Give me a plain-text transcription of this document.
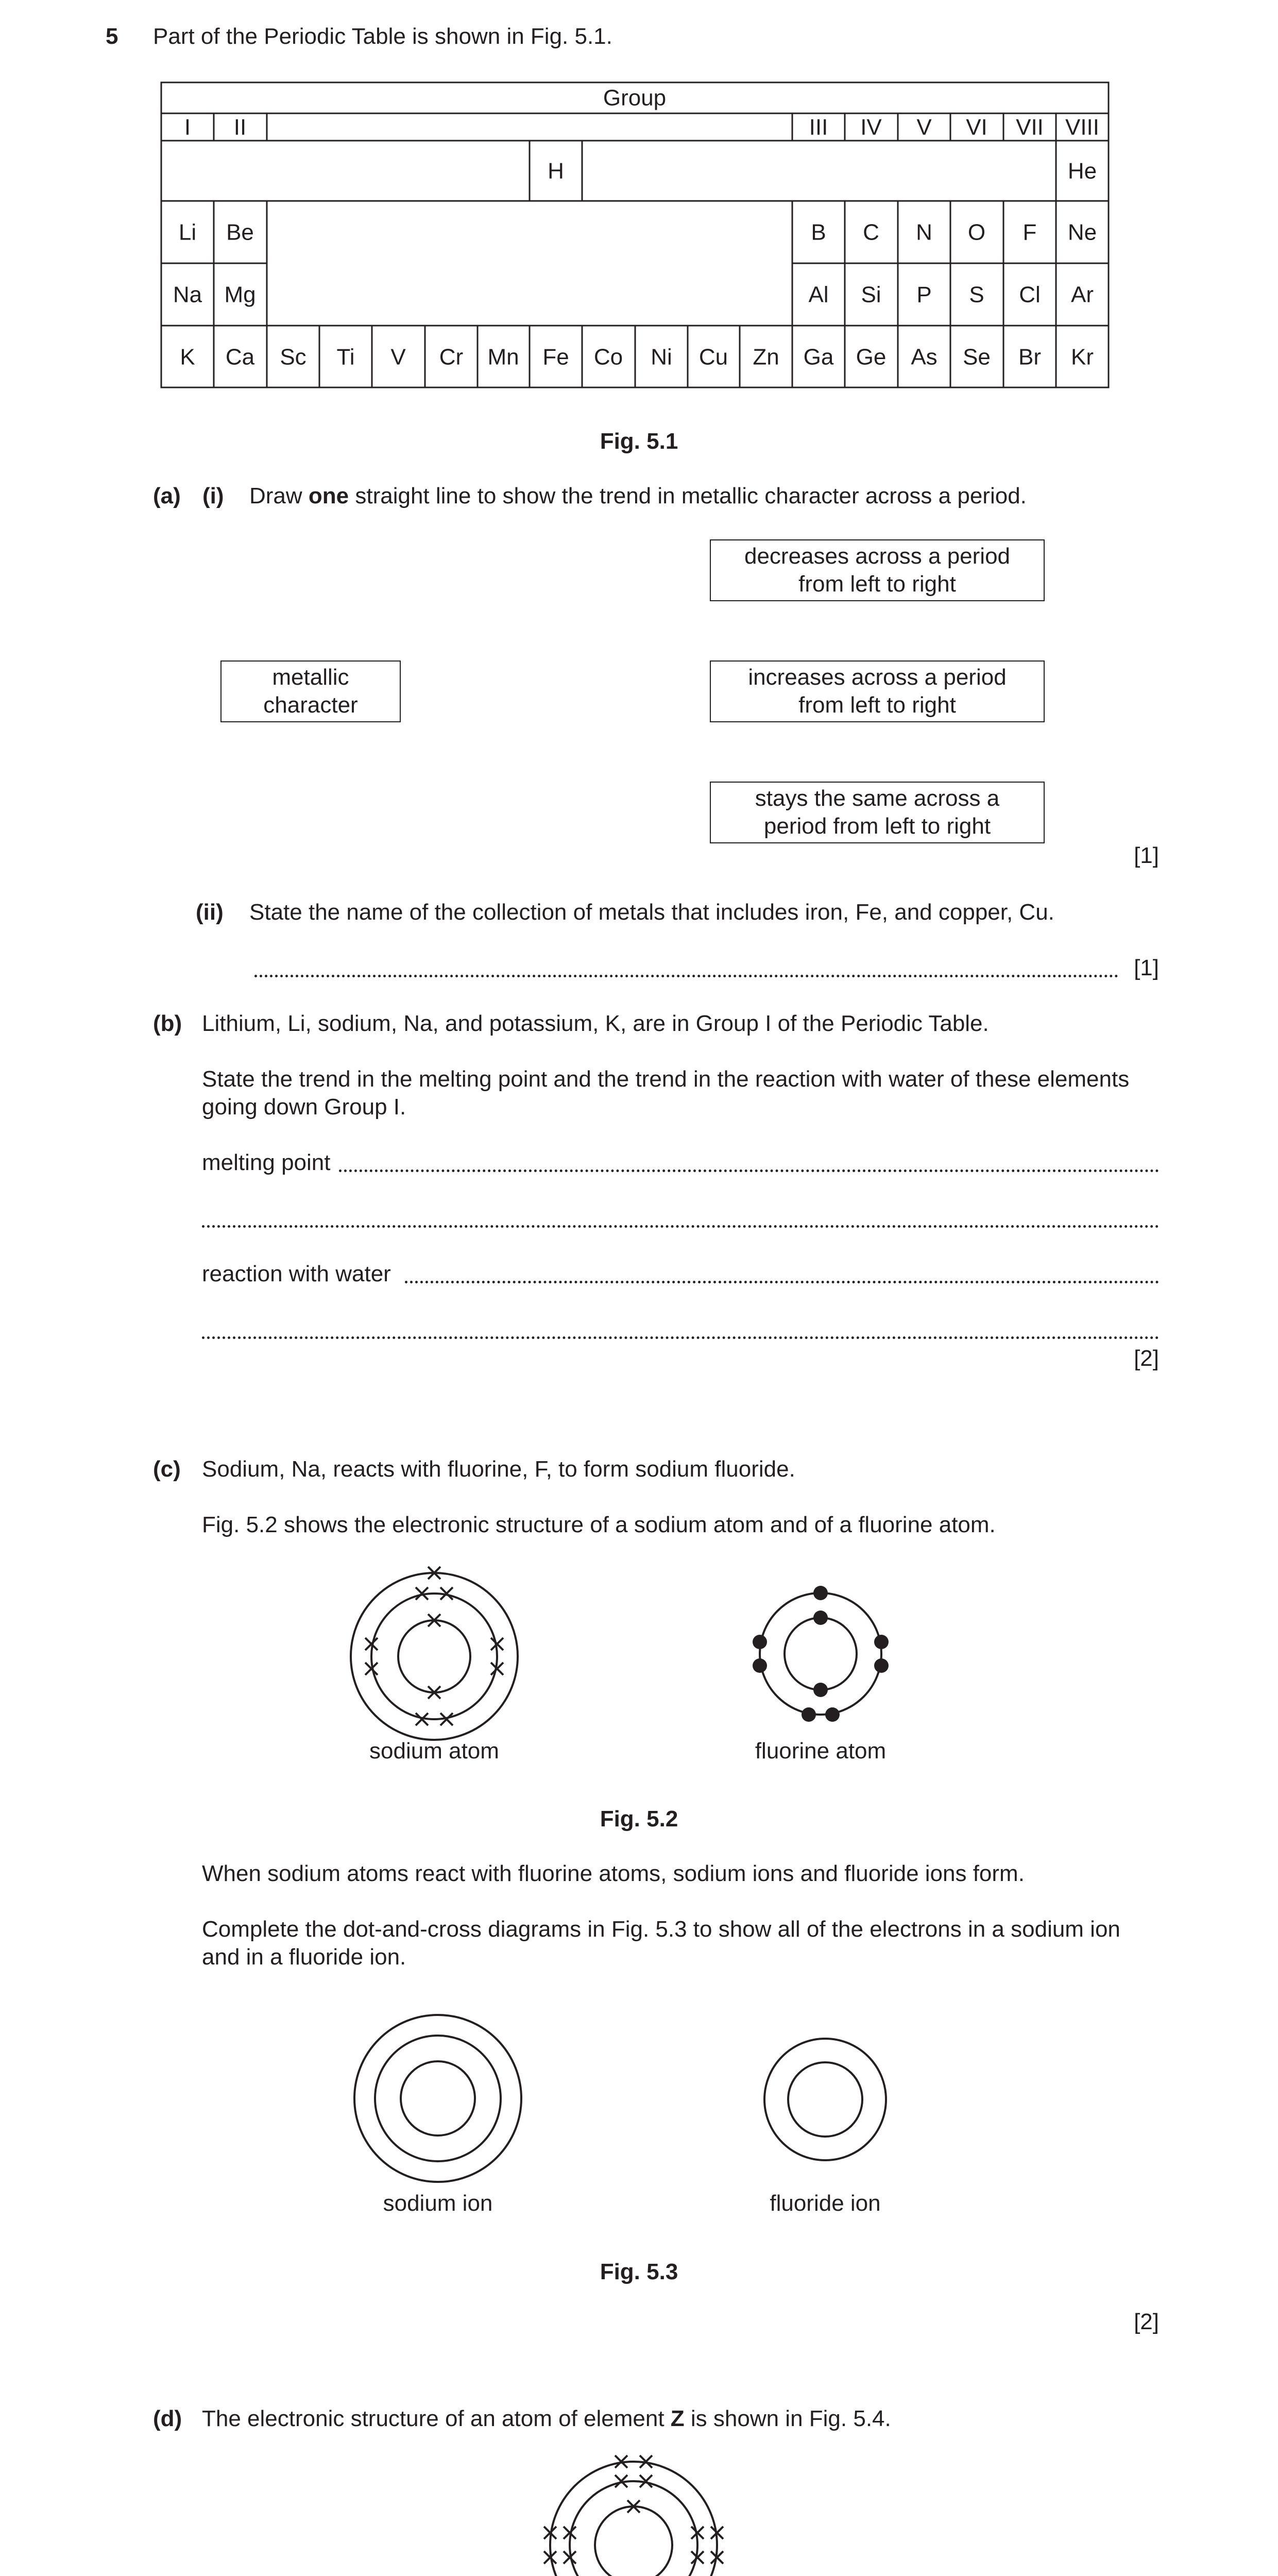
5 Part of the Periodic Table is shown in Fig. 5.1.
Group
I II	III IV V VI VII VIII
H	He
Li Be	B C N O F Ne
Na Mg	Al Si P S Cl Ar
K Ca Sc Ti V Cr Mn Fe Co Ni Cu Zn Ga Ge As Se Br Kr
Fig. 5.1
(a) (i) Draw one straight line to show the trend in metallic character across a period.
decreases across a period
from left to right
metallic
character
increases across a period
from left to right
stays the same across a
period from left to right
[1]
(ii) State the name of the collection of metals that includes iron, Fe, and copper, Cu.
[1]
(b) Lithium, Li, sodium, Na, and potassium, K, are in Group I of the Periodic Table.
State the trend in the melting point and the trend in the reaction with water of these elements
going down Group I.
melting point
reaction with water
[2]
(c) Sodium, Na, reacts with fluorine, F, to form sodium fluoride.
Fig. 5.2 shows the electronic structure of a sodium atom and of a fluorine atom.
sodium atom	fluorine atom
Fig. 5.2
When sodium atoms react with fluorine atoms, sodium ions and fluoride ions form.
Complete the dot-and-cross diagrams in Fig. 5.3 to show all of the electrons in a sodium ion
and in a fluoride ion.
sodium ion	fluoride ion
Fig. 5.3
[2]
(d) The electronic structure of an atom of element Z is shown in Fig. 5.4.
